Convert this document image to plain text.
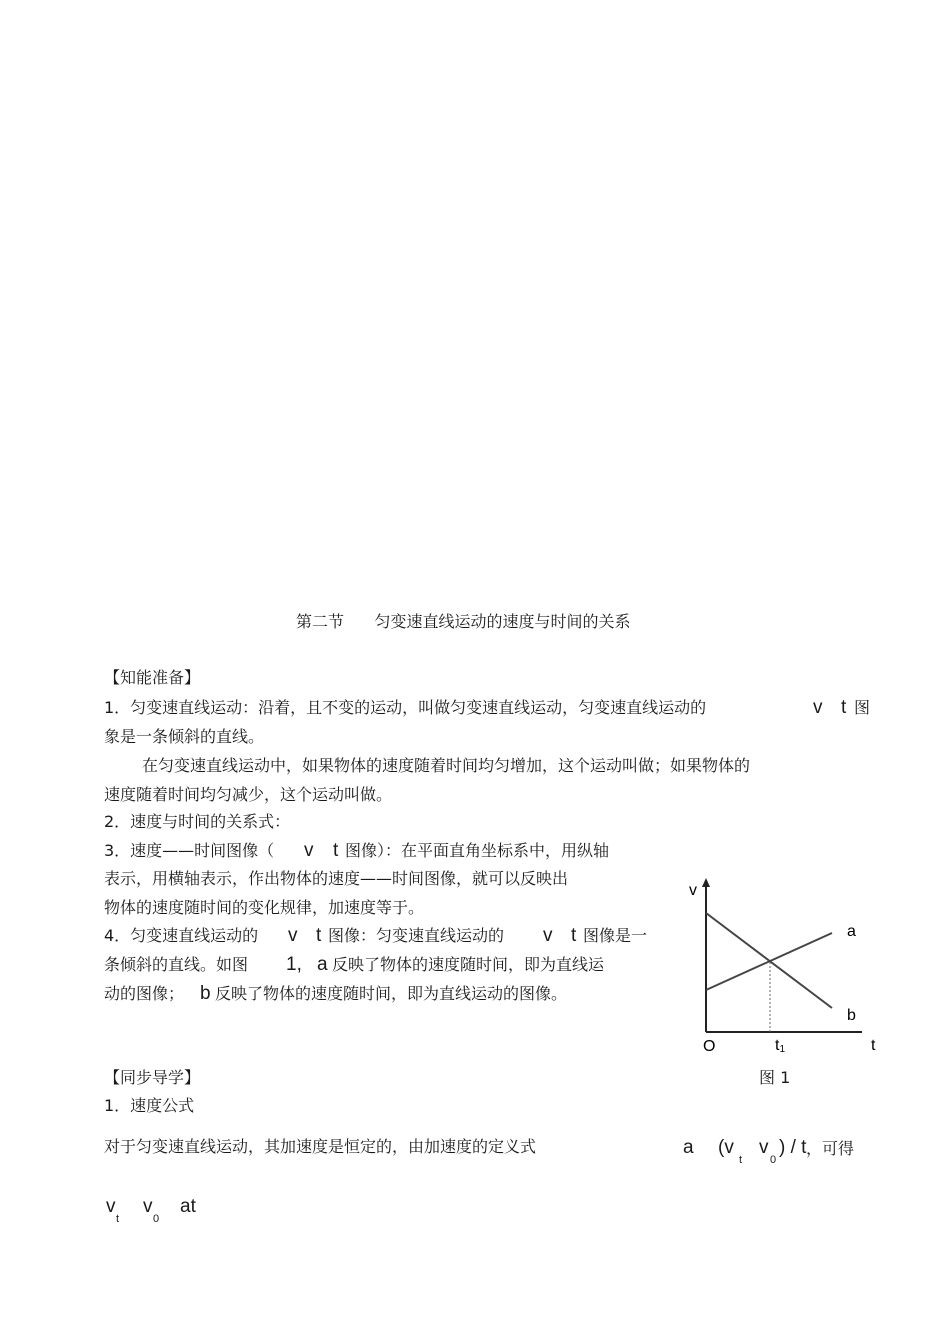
第二节      匀变速直线运动的速度与时间的关系
【知能准备】
1．匀变速直线运动：沿着，且不变的运动，叫做匀变速直线运动，匀变速直线运动的	v t 图
象是一条倾斜的直线。
在匀变速直线运动中，如果物体的速度随着时间均匀增加，这个运动叫做；如果物体的
速度随着时间均匀减少，这个运动叫做。
2．速度与时间的关系式：
3．速度——时间图像（ v t 图像）：在平面直角坐标系中，用纵轴
表示，用横轴表示，作出物体的速度——时间图像，就可以反映出
物体的速度随时间的变化规律，加速度等于。
4．匀变速直线运动的 v t 图像：匀变速直线运动的 v t 图像是一
条倾斜的直线。如图 1, a 反映了物体的速度随时间，即为直线运
动的图像； b 反映了物体的速度随时间，即为直线运动的图像。
v
t
O	t1
a
b
【同步导学】	图 1
1．速度公式
对于匀变速直线运动，其加速度是恒定的，由加速度的定义式	a (v
t
v
0
) / t ，可得
v
t
v
0
at
